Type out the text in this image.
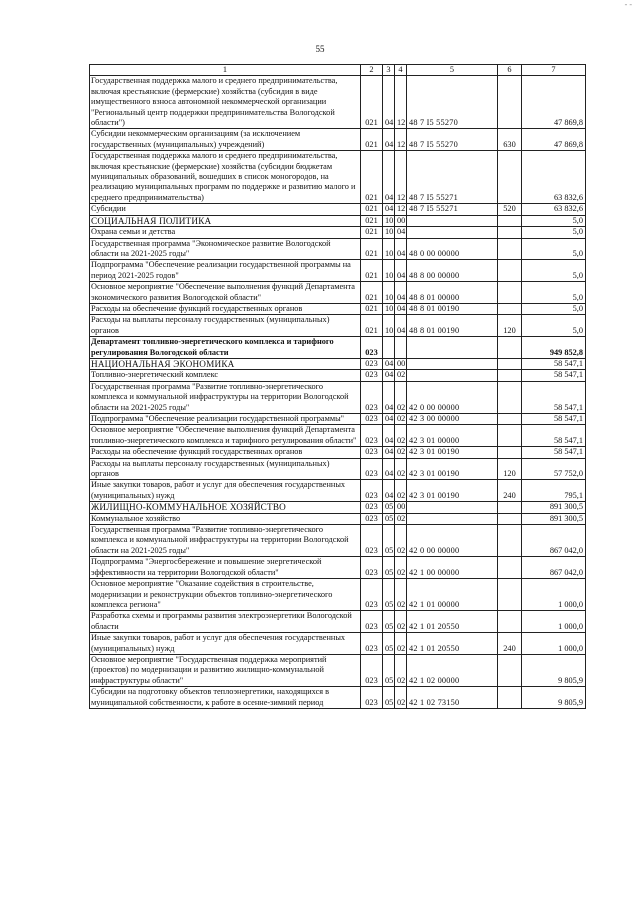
- -
55
1	2	3	4	5	6	7
Государственная поддержка малого и среднего предпринимательства, включая крестьянские (фермерские) хозяйства (субсидия в виде имущественного взноса автономной некоммерческой организации "Региональный центр поддержки предпринимательства Вологодской области")	021	04	12	48 7 I5 55270		47 869,8
Субсидии некоммерческим организациям (за исключением государственных (муниципальных) учреждений)	021	04	12	48 7 I5 55270	630	47 869,8
Государственная поддержка малого и среднего предпринимательства, включая крестьянские (фермерские) хозяйства (субсидии бюджетам муниципальных образований, вошедших в список моногородов, на реализацию муниципальных программ по поддержке и развитию малого и среднего предпринимательства)	021	04	12	48 7 I5 55271		63 832,6
Субсидии	021	04	12	48 7 I5 55271	520	63 832,6
СОЦИАЛЬНАЯ ПОЛИТИКА	021	10	00			5,0
Охрана семьи и детства	021	10	04			5,0
Государственная программа "Экономическое развитие Вологодской области на 2021-2025 годы"	021	10	04	48 0 00 00000		5,0
Подпрограмма "Обеспечение реализации государственной программы на период 2021-2025 годов"	021	10	04	48 8 00 00000		5,0
Основное мероприятие "Обеспечение выполнения функций Департамента экономического развития Вологодской области"	021	10	04	48 8 01 00000		5,0
Расходы на обеспечение функций государственных органов	021	10	04	48 8 01 00190		5,0
Расходы на выплаты персоналу государственных (муниципальных) органов	021	10	04	48 8 01 00190	120	5,0
Департамент топливно-энергетического комплекса и тарифного регулирования Вологодской области	023					949 852,8
НАЦИОНАЛЬНАЯ ЭКОНОМИКА	023	04	00			58 547,1
Топливно-энергетический комплекс	023	04	02			58 547,1
Государственная программа "Развитие топливно-энергетического комплекса и коммунальной инфраструктуры на территории Вологодской области на 2021-2025 годы"	023	04	02	42 0 00 00000		58 547,1
Подпрограмма "Обеспечение реализации государственной программы"	023	04	02	42 3 00 00000		58 547,1
Основное мероприятие "Обеспечение выполнения функций Департамента топливно-энергетического комплекса и тарифного регулирования области"	023	04	02	42 3 01 00000		58 547,1
Расходы на обеспечение функций государственных органов	023	04	02	42 3 01 00190		58 547,1
Расходы на выплаты персоналу государственных (муниципальных) органов	023	04	02	42 3 01 00190	120	57 752,0
Иные закупки товаров, работ и услуг для обеспечения государственных (муниципальных) нужд	023	04	02	42 3 01 00190	240	795,1
ЖИЛИЩНО-КОММУНАЛЬНОЕ ХОЗЯЙСТВО	023	05	00			891 300,5
Коммунальное хозяйство	023	05	02			891 300,5
Государственная программа "Развитие топливно-энергетического комплекса и коммунальной инфраструктуры на территории Вологодской области на 2021-2025 годы"	023	05	02	42 0 00 00000		867 042,0
Подпрограмма "Энергосбережение и повышение энергетической эффективности на территории Вологодской области"	023	05	02	42 1 00 00000		867 042,0
Основное мероприятие "Оказание содействия в строительстве, модернизации и реконструкции объектов топливно-энергетического комплекса региона"	023	05	02	42 1 01 00000		1 000,0
Разработка схемы и программы развития электроэнергетики Вологодской области	023	05	02	42 1 01 20550		1 000,0
Иные закупки товаров, работ и услуг для обеспечения государственных (муниципальных) нужд	023	05	02	42 1 01 20550	240	1 000,0
Основное мероприятие "Государственная поддержка мероприятий (проектов) по модернизации и развитию жилищно-коммунальной инфраструктуры области"	023	05	02	42 1 02 00000		9 805,9
Субсидии на подготовку объектов теплоэнергетики, находящихся в муниципальной собственности, к работе в осенне-зимний период	023	05	02	42 1 02 73150		9 805,9
